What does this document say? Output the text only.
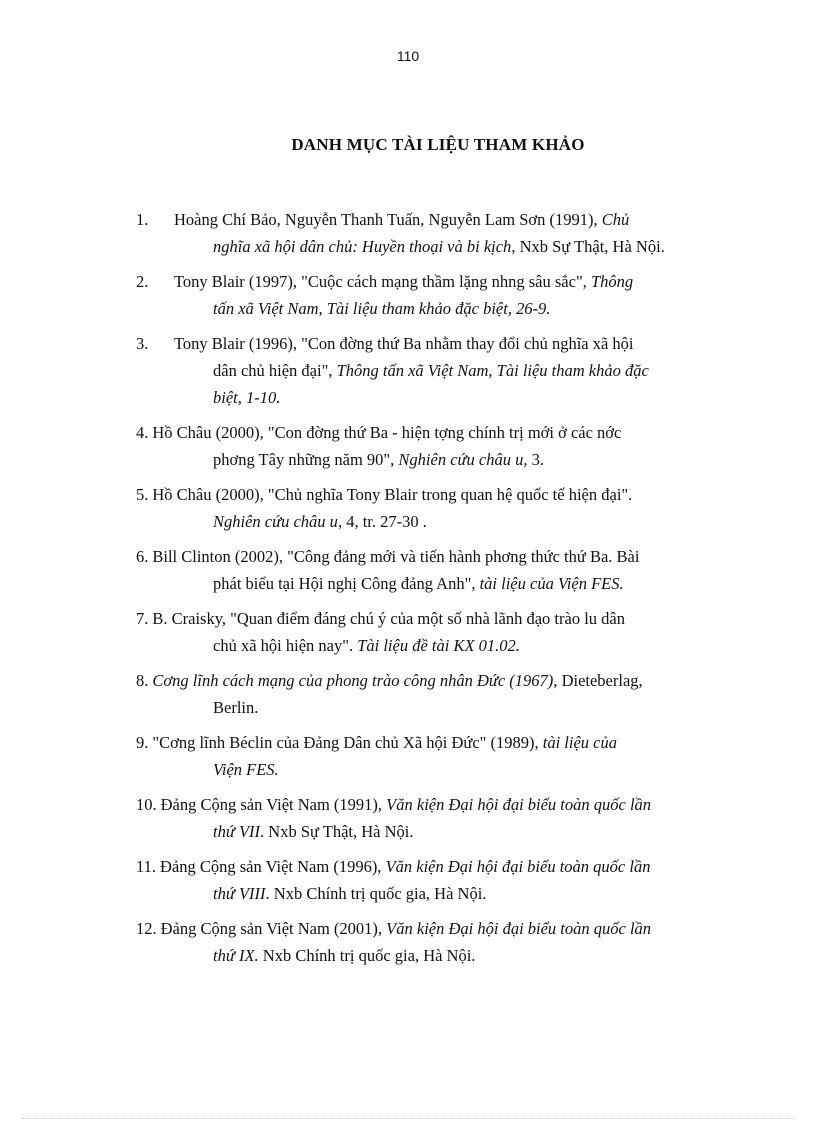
110
DANH MỤC TÀI LIỆU THAM KHẢO
1. Hoàng Chí Bảo, Nguyễn Thanh Tuấn, Nguyễn Lam Sơn (1991), Chủ
nghĩa xã hội dân chủ: Huyền thoại và bi kịch, Nxb Sự Thật, Hà Nội.
2. Tony Blair (1997), "Cuộc cách mạng thầm lặng nhng sâu sắc", Thông
tấn xã Việt Nam, Tài liệu tham khảo đặc biệt, 26-9.
3. Tony Blair (1996), "Con đờng thứ Ba nhằm thay đổi chủ nghĩa xã hội
dân chủ hiện đại", Thông tấn xã Việt Nam, Tài liệu tham khảo đặc
biệt, 1-10.
4. Hồ Châu (2000), "Con đờng thứ Ba - hiện tợng chính trị mới ở các nớc
phơng Tây những năm 90", Nghiên cứu châu u, 3.
5. Hồ Châu (2000), "Chủ nghĩa Tony Blair trong quan hệ quốc tế hiện đại".
Nghiên cứu châu u, 4, tr. 27-30 .
6. Bill Clinton (2002), "Công đảng mới và tiến hành phơng thức thứ Ba. Bài
phát biểu tại Hội nghị Công đảng Anh", tài liệu của Viện FES.
7. B. Craisky, "Quan điểm đáng chú ý của một số nhà lãnh đạo trào lu dân
chủ xã hội hiện nay". Tài liệu đề tài KX 01.02.
8. Cơng lĩnh cách mạng của phong trào công nhân Đức (1967), Dieteberlag,
Berlin.
9. "Cơng lĩnh Béclin của Đảng Dân chủ Xã hội Đức" (1989), tài liệu của
Viện FES.
10. Đảng Cộng sản Việt Nam (1991), Văn kiện Đại hội đại biểu toàn quốc lần
thứ VII. Nxb Sự Thật, Hà Nội.
11. Đảng Cộng sản Việt Nam (1996), Văn kiện Đại hội đại biểu toàn quốc lần
thứ VIII. Nxb Chính trị quốc gia, Hà Nội.
12. Đảng Cộng sản Việt Nam (2001), Văn kiện Đại hội đại biểu toàn quốc lần
thứ IX. Nxb Chính trị quốc gia, Hà Nội.
